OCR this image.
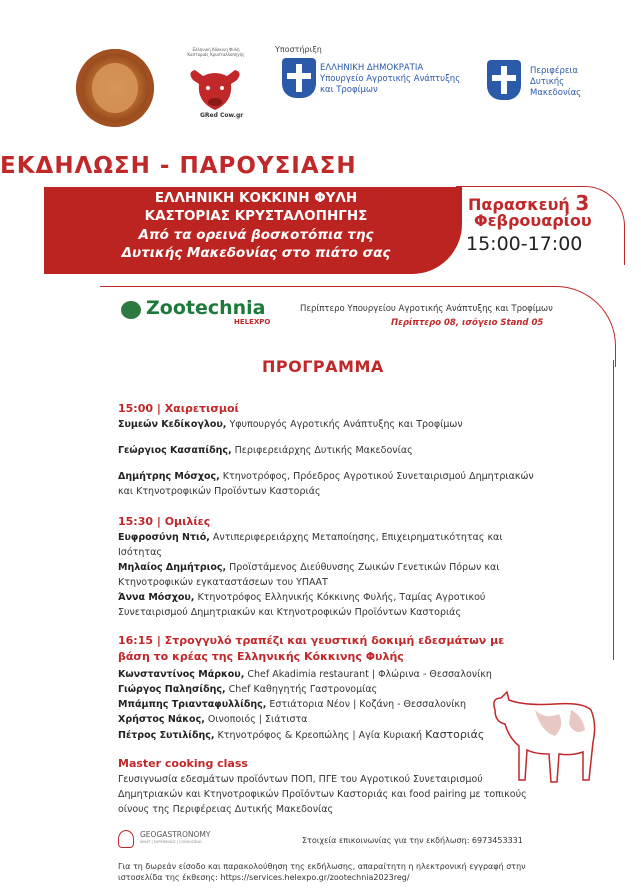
Ελληνική Κόκκινη Φυλή Καστοριάς Κρυσταλλοπηγής
GRed Cow.gr
Υποστήριξη
ΕΛΛΗΝΙΚΗ ΔΗΜΟΚΡΑΤΙΑ
Υπουργείο Αγροτικής Ανάπτυξης
και Τροφίμων
Περιφέρεια
Δυτικής
Μακεδονίας
ΕΚΔΗΛΩΣΗ - ΠΑΡΟΥΣΙΑΣΗ
ΕΛΛΗΝΙΚΗ ΚΟΚΚΙΝΗ ΦΥΛΗ
ΚΑΣΤΟΡΙΑΣ ΚΡΥΣΤΑΛΟΠΗΓΗΣ
Από τα ορεινά βοσκοτόπια της
Δυτικής Μακεδονίας στο πιάτο σας
Παρασκευή 3
Φεβρουαρίου
15:00-17:00
Zootechnia
HELEXPO
Περίπτερο Υπουργείου Αγροτικής Ανάπτυξης και Τροφίμων
Περίπτερο 08, ισόγειο Stand 05
ΠΡΟΓΡΑΜΜΑ
15:00 | Χαιρετισμοί
Συμεών Κεδίκογλου, Υφυπουργός Αγροτικής Ανάπτυξης και Τροφίμων
Γεώργιος Κασαπίδης, Περιφερειάρχης Δυτικής Μακεδονίας
Δημήτρης Μόσχος, Κτηνοτρόφος, Πρόεδρος Αγροτικού Συνεταιρισμού Δημητριακών και Κτηνοτροφικών Προϊόντων Καστοριάς
15:30 | Ομιλίες
Ευφροσύνη Ντιό, Αντιπεριφερειάρχης Μεταποίησης, Επιχειρηματικότητας και Ισότητας
Μηλαίος Δημήτριος, Προϊστάμενος Διεύθυνσης Ζωικών Γενετικών Πόρων και Κτηνοτροφικών εγκαταστάσεων του ΥΠΑΑΤ
Άννα Μόσχου, Κτηνοτρόφος Ελληνικής Κόκκινης Φυλής, Ταμίας Αγροτικού Συνεταιρισμού Δημητριακών και Κτηνοτροφικών Προϊόντων Καστοριάς
16:15 | Στρογγυλό τραπέζι και γευστική δοκιμή εδεσμάτων με βάση το κρέας της Ελληνικής Κόκκινης Φυλής
Κωνσταντίνος Μάρκου, Chef Akadimia restaurant | Φλώρινα - Θεσσαλονίκη
Γιώργος Παλησίδης, Chef Καθηγητής Γαστρονομίας
Μπάμπης Τριανταφυλλίδης, Εστιάτορια Νέον | Κοζάνη - Θεσσαλονίκη
Χρήστος Νάκος, Οινοποιός | Σιάτιστα
Πέτρος Συτιλίδης, Κτηνοτρόφος & Κρεοπώλης | Αγία Κυριακή Καστοριάς
Master cooking class
Γευσιγνωσία εδεσμάτων προϊόντων ΠΟΠ, ΠΓΕ του Αγροτικού Συνεταιρισμού Δημητριακών και Κτηνοτροφικών Προϊόντων Καστοριάς και food pairing με τοπικούς οίνους της Περιφέρειας Δυτικής Μακεδονίας
GEOGASTRONOMY
WHAT | EXPERIENCE | CONSULTING	Στοιχεία επικοινωνίας για την εκδήλωση: 6973453331
Για τη δωρεάν είσοδο και παρακολούθηση της εκδήλωσης, απαραίτητη η ηλεκτρονική εγγραφή στην ιστοσελίδα της έκθεσης: https://services.helexpo.gr/zootechnia2023reg/
